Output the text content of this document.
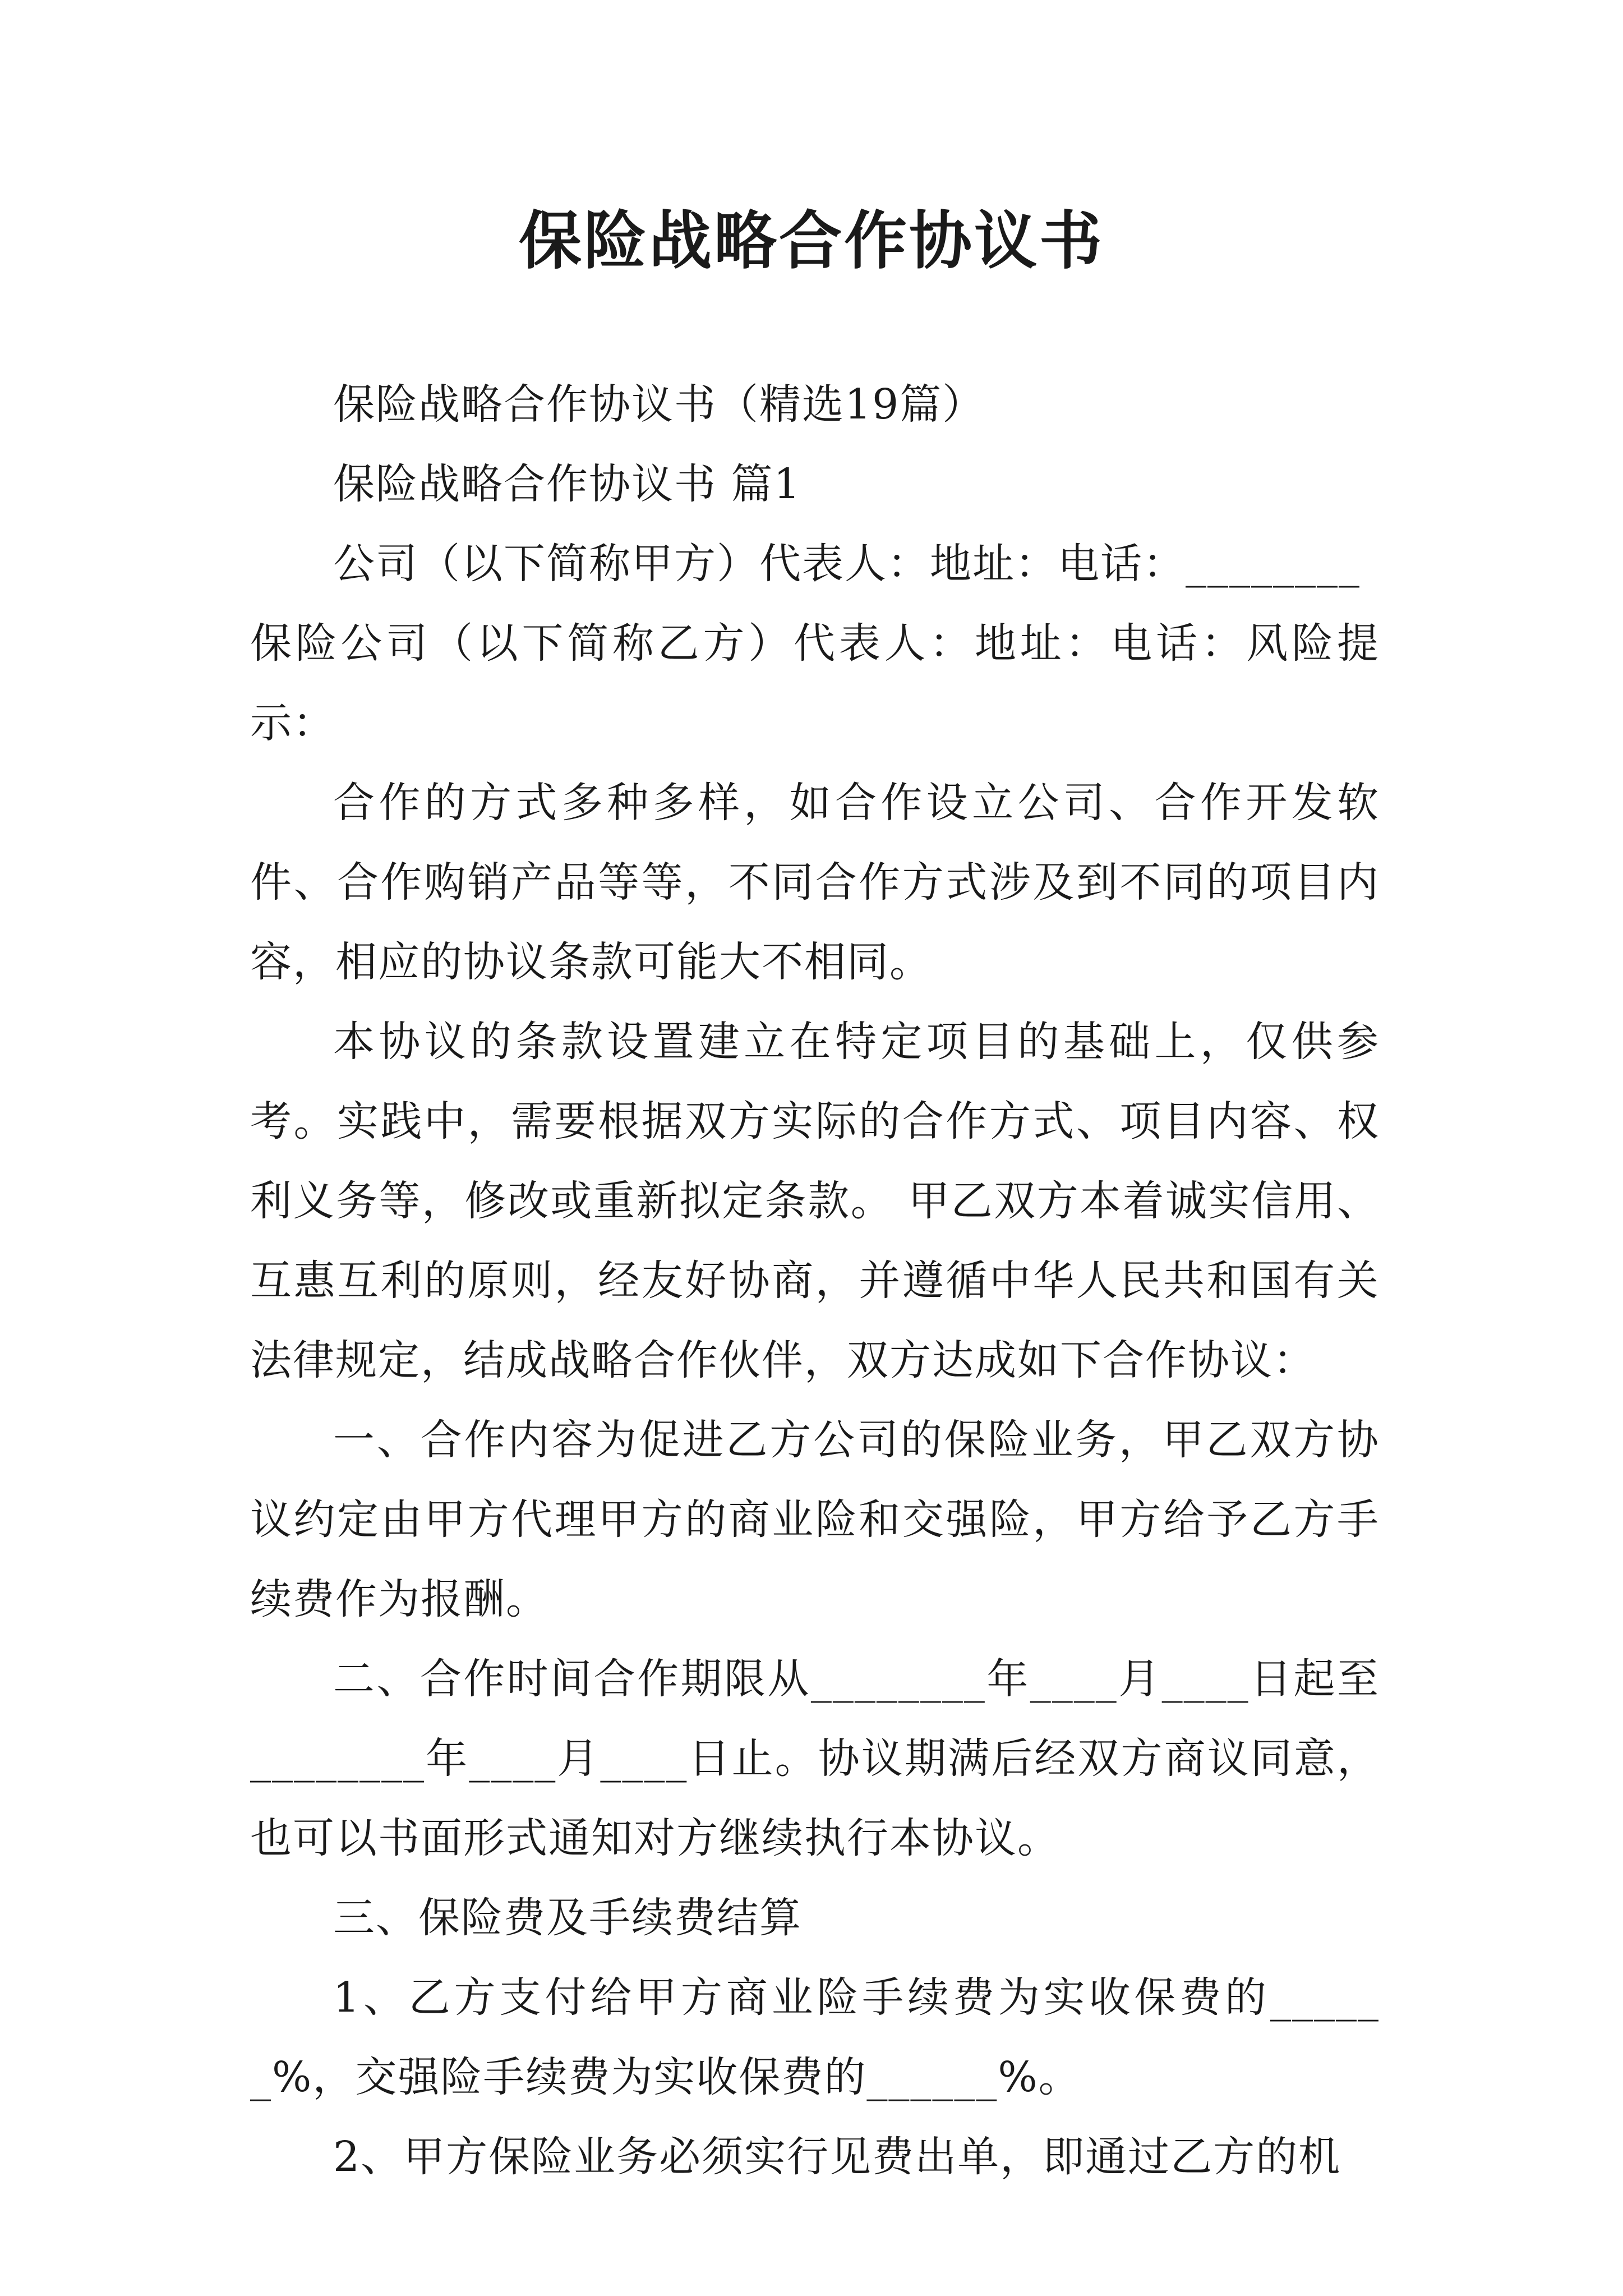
保险战略合作协议书

保险战略合作协议书（精选19篇）

保险战略合作协议书 篇1

公司（以下简称甲方）代表人：地址：电话：________

保险公司（以下简称乙方）代表人：地址：电话：风险提示：

合作的方式多种多样，如合作设立公司、合作开发软件、合作购销产品等等，不同合作方式涉及到不同的项目内容，相应的协议条款可能大不相同。

本协议的条款设置建立在特定项目的基础上，仅供参考。实践中，需要根据双方实际的合作方式、项目内容、权利义务等，修改或重新拟定条款。 甲乙双方本着诚实信用、互惠互利的原则，经友好协商，并遵循中华人民共和国有关法律规定，结成战略合作伙伴，双方达成如下合作协议：

一、合作内容为促进乙方公司的保险业务，甲乙双方协议约定由甲方代理甲方的商业险和交强险，甲方给予乙方手续费作为报酬。

二、合作时间合作期限从________年____月____日起至________年____月____日止。协议期满后经双方商议同意，也可以书面形式通知对方继续执行本协议。

三、保险费及手续费结算

1、乙方支付给甲方商业险手续费为实收保费的______%，交强险手续费为实收保费的______%。

2、甲方保险业务必须实行见费出单，即通过乙方的机
